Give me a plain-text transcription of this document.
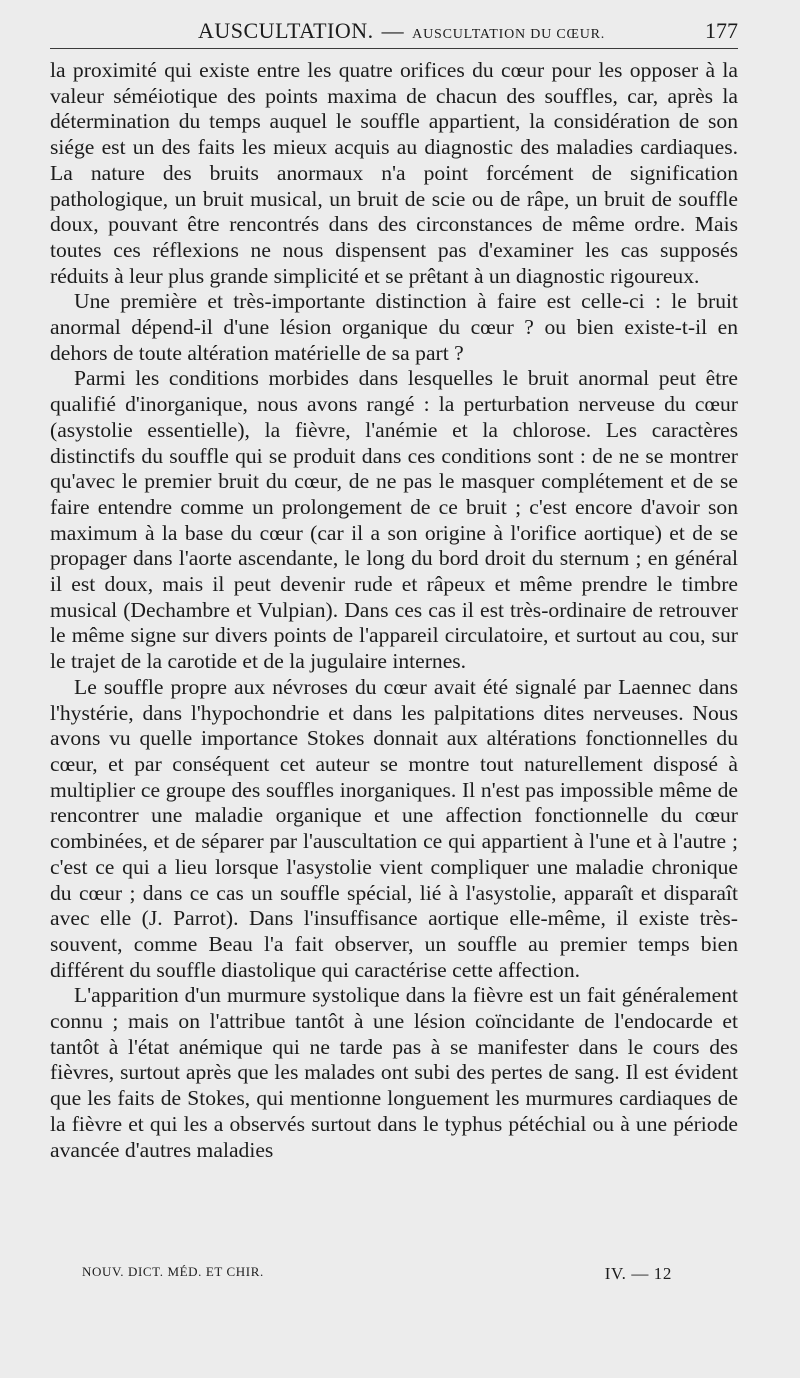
AUSCULTATION. — AUSCULTATION DU CŒUR.	177

la proximité qui existe entre les quatre orifices du cœur pour les opposer à la valeur séméiotique des points maxima de chacun des souffles, car, après la détermination du temps auquel le souffle appartient, la considération de son siége est un des faits les mieux acquis au diagnostic des maladies cardiaques. La nature des bruits anormaux n'a point forcément de signification pathologique, un bruit musical, un bruit de scie ou de râpe, un bruit de souffle doux, pouvant être rencontrés dans des circonstances de même ordre. Mais toutes ces réflexions ne nous dispensent pas d'examiner les cas supposés réduits à leur plus grande simplicité et se prêtant à un diagnostic rigoureux.

Une première et très-importante distinction à faire est celle-ci : le bruit anormal dépend-il d'une lésion organique du cœur ? ou bien existe-t-il en dehors de toute altération matérielle de sa part ?

Parmi les conditions morbides dans lesquelles le bruit anormal peut être qualifié d'inorganique, nous avons rangé : la perturbation nerveuse du cœur (asystolie essentielle), la fièvre, l'anémie et la chlorose. Les caractères distinctifs du souffle qui se produit dans ces conditions sont : de ne se montrer qu'avec le premier bruit du cœur, de ne pas le masquer complétement et de se faire entendre comme un prolongement de ce bruit ; c'est encore d'avoir son maximum à la base du cœur (car il a son origine à l'orifice aortique) et de se propager dans l'aorte ascendante, le long du bord droit du sternum ; en général il est doux, mais il peut devenir rude et râpeux et même prendre le timbre musical (Dechambre et Vulpian). Dans ces cas il est très-ordinaire de retrouver le même signe sur divers points de l'appareil circulatoire, et surtout au cou, sur le trajet de la carotide et de la jugulaire internes.

Le souffle propre aux névroses du cœur avait été signalé par Laennec dans l'hystérie, dans l'hypochondrie et dans les palpitations dites nerveuses. Nous avons vu quelle importance Stokes donnait aux altérations fonctionnelles du cœur, et par conséquent cet auteur se montre tout naturellement disposé à multiplier ce groupe des souffles inorganiques. Il n'est pas impossible même de rencontrer une maladie organique et une affection fonctionnelle du cœur combinées, et de séparer par l'auscultation ce qui appartient à l'une et à l'autre ; c'est ce qui a lieu lorsque l'asystolie vient compliquer une maladie chronique du cœur ; dans ce cas un souffle spécial, lié à l'asystolie, apparaît et disparaît avec elle (J. Parrot). Dans l'insuffisance aortique elle-même, il existe très-souvent, comme Beau l'a fait observer, un souffle au premier temps bien différent du souffle diastolique qui caractérise cette affection.

L'apparition d'un murmure systolique dans la fièvre est un fait généralement connu ; mais on l'attribue tantôt à une lésion coïncidante de l'endocarde et tantôt à l'état anémique qui ne tarde pas à se manifester dans le cours des fièvres, surtout après que les malades ont subi des pertes de sang. Il est évident que les faits de Stokes, qui mentionne longuement les murmures cardiaques de la fièvre et qui les a observés surtout dans le typhus pétéchial ou à une période avancée d'autres maladies

NOUV. DICT. MÉD. ET CHIR.	IV. — 12
